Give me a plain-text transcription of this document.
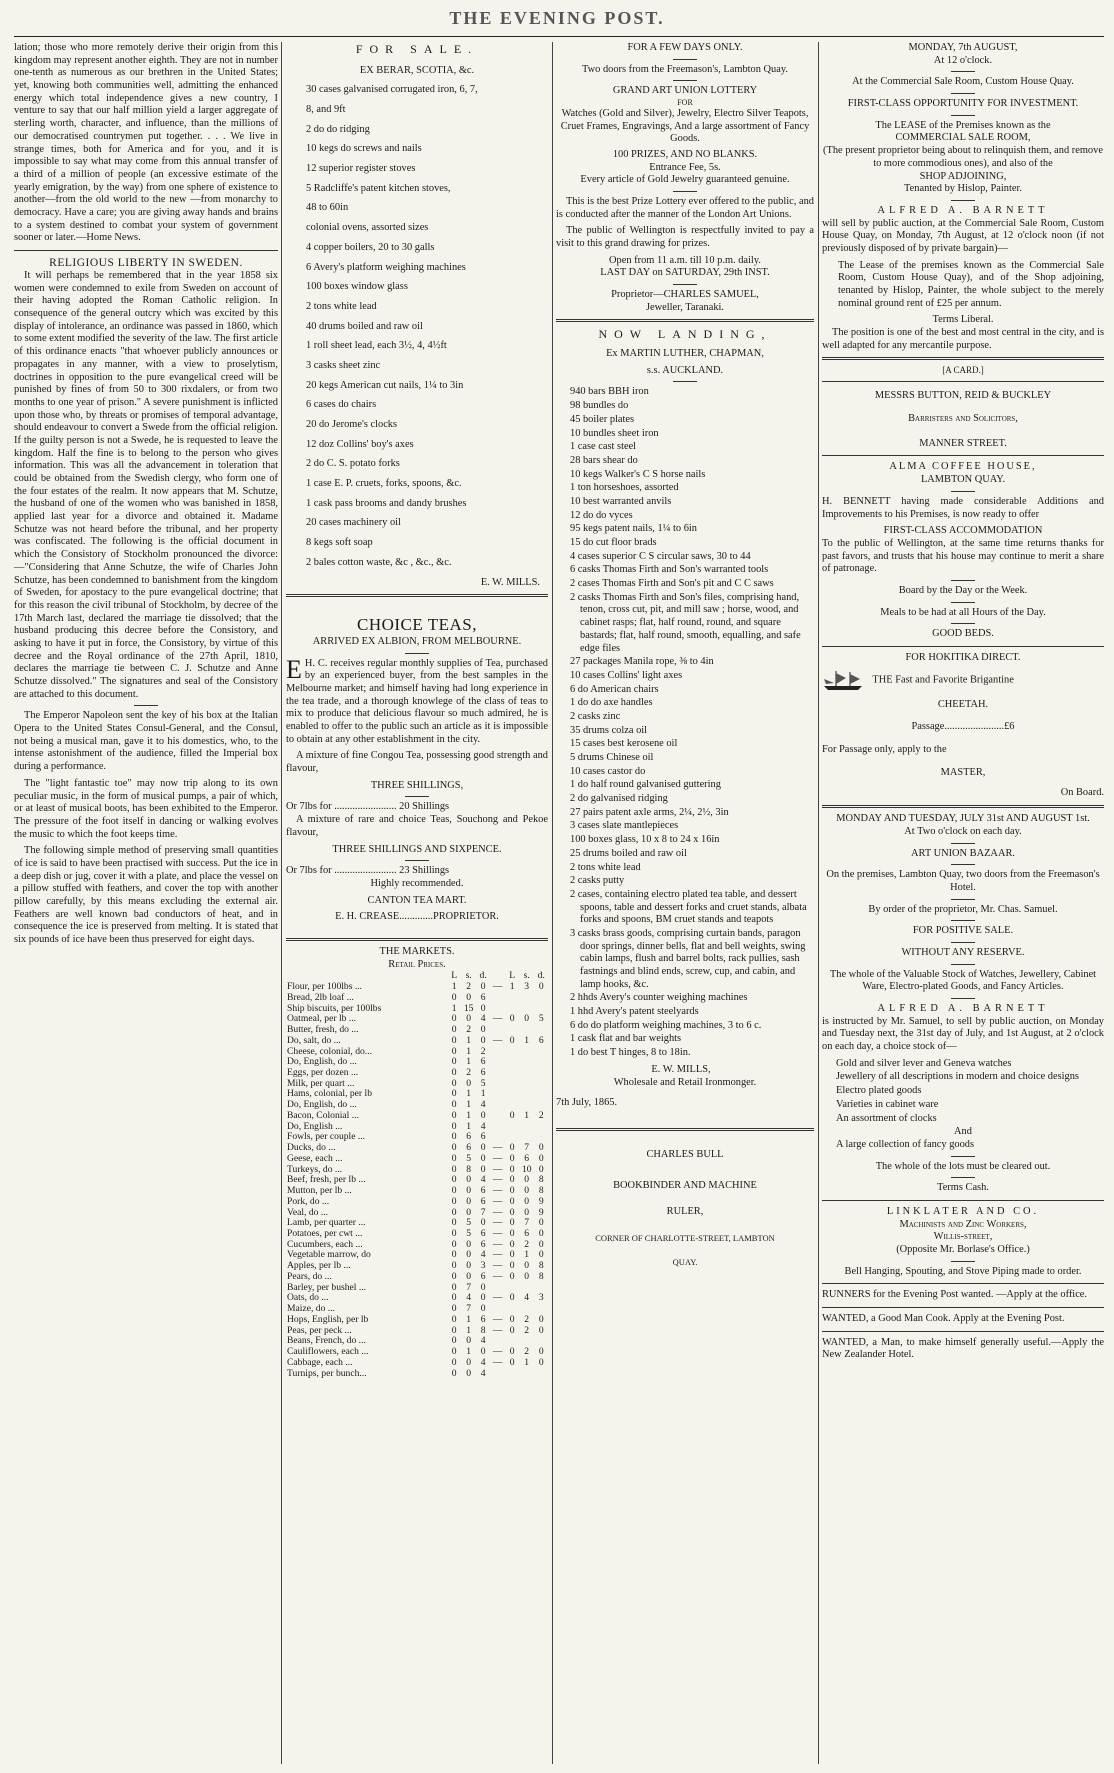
THE EVENING POST.

lation; those who more remotely derive their origin from this kingdom may represent another eighth. They are not in number one-tenth as numerous as our brethren in the United States; yet, knowing both communities well, admitting the enhanced energy which total independence gives a new country, I venture to say that our half million yield a larger aggregate of sterling worth, character, and influence, than the millions of our democratised countrymen put together. . . . We live in strange times, both for America and for you, and it is impossible to say what may come from this annual transfer of a third of a million of people (an excessive estimate of the yearly emigration, by the way) from one sphere of existence to another—from the old world to the new —from monarchy to democracy. Have a care; you are giving away hands and brains to a system destined to combat your system of government sooner or later.—Home News.

RELIGIOUS LIBERTY IN SWEDEN.

It will perhaps be remembered that in the year 1858 six women were condemned to exile from Sweden on account of their having adopted the Roman Catholic religion. In consequence of the general outcry which was excited by this display of intolerance, an ordinance was passed in 1860, which to some extent modified the severity of the law. The first article of this ordinance enacts "that whoever publicly announces or propagates in any manner, with a view to proselytism, doctrines in opposition to the pure evangelical creed will be punished by fines of from 50 to 300 rixdalers, or from two months to one year of prison." A severe punishment is inflicted upon those who, by threats or promises of temporal advantage, should endeavour to convert a Swede from the official religion. If the guilty person is not a Swede, he is requested to leave the kingdom. Half the fine is to belong to the person who gives information. This was all the advancement in toleration that could be obtained from the Swedish clergy, who form one of the four estates of the realm. It now appears that M. Schutze, the husband of one of the women who was banished in 1858, applied last year for a divorce and obtained it. Madame Schutze was not heard before the tribunal, and her property was confiscated. The following is the official document in which the Consistory of Stockholm pronounced the divorce:—"Considering that Anne Schutze, the wife of Charles John Schutze, has been condemned to banishment from the kingdom of Sweden, for apostacy to the pure evangelical doctrine; that for this reason the civil tribunal of Stockholm, by decree of the 17th March last, declared the marriage tie dissolved; that the husband producing this decree before the Consistory, and asking to have it put in force, the Consistory, by virtue of this decree and the Royal ordinance of the 27th April, 1810, declares the marriage tie between C. J. Schutze and Anne Schutze dissolved." The signatures and seal of the Consistory are attached to this document.

The Emperor Napoleon sent the key of his box at the Italian Opera to the United States Consul-General, and the Consul, not being a musical man, gave it to his domestics, who, to the intense astonishment of the audience, filled the Imperial box during a performance.

The "light fantastic toe" may now trip along to its own peculiar music, in the form of musical pumps, a pair of which, or at least of musical boots, has been exhibited to the Emperor. The pressure of the foot itself in dancing or walking evolves the music to which the foot keeps time.

The following simple method of preserving small quantities of ice is said to have been practised with success. Put the ice in a deep dish or jug, cover it with a plate, and place the vessel on a pillow stuffed with feathers, and cover the top with another pillow carefully, by this means excluding the external air. Feathers are well known bad conductors of heat, and in consequence the ice is preserved from melting. It is stated that six pounds of ice have been thus preserved for eight days.

FOR SALE.
EX BERAR, SCOTIA, &c.
30 cases galvanised corrugated iron, 6, 7,
8, and 9ft
2 do do ridging
10 kegs do screws and nails
12 superior register stoves
5 Radcliffe's patent kitchen stoves,
48 to 60in
colonial ovens, assorted sizes
4 copper boilers, 20 to 30 galls
6 Avery's platform weighing machines
100 boxes window glass
2 tons white lead
40 drums boiled and raw oil
1 roll sheet lead, each 3½, 4, 4½ft
3 casks sheet zinc
20 kegs American cut nails, 1¼ to 3in
6 cases do chairs
20 do Jerome's clocks
12 doz Collins' boy's axes
2 do C. S. potato forks
1 case E. P. cruets, forks, spoons, &c.
1 cask pass brooms and dandy brushes
20 cases machinery oil
8 kegs soft soap
2 bales cotton waste, &c , &c., &c.
E. W. MILLS.
CHOICE TEAS,
ARRIVED EX ALBION, FROM MELBOURNE.

E H. C. receives regular monthly supplies of Tea, purchased by an experienced buyer, from the best samples in the Melbourne market; and himself having had long experience in the tea trade, and a thorough knowlege of the class of teas to mix to produce that delicious flavour so much admired, he is enabled to offer to the public such an article as it is impossible to obtain at any other establishment in the city.

A mixture of fine Congou Tea, possessing good strength and flavour,

THREE SHILLINGS,
Or 7lbs for ........................ 20 Shillings

A mixture of rare and choice Teas, Souchong and Pekoe flavour,

THREE SHILLINGS AND SIXPENCE.
Or 7lbs for ........................ 23 Shillings
Highly recommended.
CANTON TEA MART.
E. H. CREASE.............PROPRIETOR.
THE MARKETS.
Retail Prices.
	L	s.	d.		L	s.	d.
Flour, per 100lbs ...	1	2	0	—	1	3	0
Bread, 2lb loaf ...	0	0	6				
Ship biscuits, per 100lbs	1	15	0				
Oatmeal, per lb ...	0	0	4	—	0	0	5
Butter, fresh, do ...	0	2	0				
Do, salt, do ...	0	1	0	—	0	1	6
Cheese, colonial, do...	0	1	2				
Do, English, do ...	0	1	6				
Eggs, per dozen ...	0	2	6				
Milk, per quart ...	0	0	5				
Hams, colonial, per lb	0	1	1				
Do, English, do ...	0	1	4				
Bacon, Colonial ...	0	1	0		0	1	2
Do, English ...	0	1	4				
Fowls, per couple ...	0	6	6				
Ducks, do ...	0	6	0	—	0	7	0
Geese, each ...	0	5	0	—	0	6	0
Turkeys, do ...	0	8	0	—	0	10	0
Beef, fresh, per lb ...	0	0	4	—	0	0	8
Mutton, per lb ...	0	0	6	—	0	0	8
Pork, do ...	0	0	6	—	0	0	9
Veal, do ...	0	0	7	—	0	0	9
Lamb, per quarter ...	0	5	0	—	0	7	0
Potatoes, per cwt ...	0	5	6	—	0	6	0
Cucumbers, each ...	0	0	6	—	0	2	0
Vegetable marrow, do	0	0	4	—	0	1	0
Apples, per lb ...	0	0	3	—	0	0	8
Pears, do ...	0	0	6	—	0	0	8
Barley, per bushel ...	0	7	0				
Oats, do ...	0	4	0	—	0	4	3
Maize, do ...	0	7	0				
Hops, English, per lb	0	1	6	—	0	2	0
Peas, per peck ...	0	1	8	—	0	2	0
Beans, French, do ...	0	0	4				
Cauliflowers, each ...	0	1	0	—	0	2	0
Cabbage, each ...	0	0	4	—	0	1	0
Turnips, per bunch...	0	0	4				
FOR A FEW DAYS ONLY.
Two doors from the Freemason's, Lambton Quay.
GRAND ART UNION LOTTERY
FOR
Watches (Gold and Silver), Jewelry, Electro Silver Teapots, Cruet Frames, Engravings, And a large assortment of Fancy Goods.
100 PRIZES, AND NO BLANKS.
Entrance Fee, 5s.
Every article of Gold Jewelry guaranteed genuine.

This is the best Prize Lottery ever offered to the public, and is conducted after the manner of the London Art Unions.

The public of Wellington is respectfully invited to pay a visit to this grand drawing for prizes.

Open from 11 a.m. till 10 p.m. daily.
LAST DAY on SATURDAY, 29th INST.
Proprietor—CHARLES SAMUEL,
Jeweller, Taranaki.
NOW LANDING,
Ex MARTIN LUTHER, CHAPMAN,
s.s. AUCKLAND.
940 bars BBH iron
98 bundles do
45 boiler plates
10 bundles sheet iron
1 case cast steel
28 bars shear do
10 kegs Walker's C S horse nails
1 ton horseshoes, assorted
10 best warranted anvils
12 do do vyces
95 kegs patent nails, 1¼ to 6in
15 do cut floor brads
4 cases superior C S circular saws, 30 to 44
6 casks Thomas Firth and Son's warranted tools
2 cases Thomas Firth and Son's pit and C C saws
2 casks Thomas Firth and Son's files, comprising hand, tenon, cross cut, pit, and mill saw ; horse, wood, and cabinet rasps; flat, half round, round, and square bastards; flat, half round, smooth, equalling, and safe edge files
27 packages Manila rope, ⅜ to 4in
10 cases Collins' light axes
6 do American chairs
1 do do axe handles
2 casks zinc
35 drums colza oil
15 cases best kerosene oil
5 drums Chinese oil
10 cases castor do
1 do half round galvanised guttering
2 do galvanised ridging
27 pairs patent axle arms, 2¼, 2½, 3in
3 cases slate mantlepieces
100 boxes glass, 10 x 8 to 24 x 16in
25 drums boiled and raw oil
2 tons white lead
2 casks putty
2 cases, containing electro plated tea table, and dessert spoons, table and dessert forks and cruet stands, albata forks and spoons, BM cruet stands and teapots
3 casks brass goods, comprising curtain bands, paragon door springs, dinner bells, flat and bell weights, swing cabin lamps, flush and barrel bolts, rack pullies, sash fastnings and blind ends, screw, cup, and cabin, and lamp hooks, &c.
2 hhds Avery's counter weighing machines
1 hhd Avery's patent steelyards
6 do do platform weighing machines, 3 to 6 c.
1 cask flat and bar weights
1 do best T hinges, 8 to 18in.
E. W. MILLS,
Wholesale and Retail Ironmonger.
7th July, 1865.
CHARLES BULL
BOOKBINDER AND MACHINE
RULER,
CORNER OF CHARLOTTE-STREET, LAMBTON
QUAY.
MONDAY, 7th AUGUST,
At 12 o'clock.
At the Commercial Sale Room, Custom House Quay.
FIRST-CLASS OPPORTUNITY FOR INVESTMENT.
The LEASE of the Premises known as the
COMMERCIAL SALE ROOM,
(The present proprietor being about to relinquish them, and remove to more commodious ones), and also of the
SHOP ADJOINING,
Tenanted by Hislop, Painter.
ALFRED A. BARNETT

will sell by public auction, at the Commercial Sale Room, Custom House Quay, on Monday, 7th August, at 12 o'clock noon (if not previously disposed of by private bargain)—

The Lease of the premises known as the Commercial Sale Room, Custom House Quay), and of the Shop adjoining, tenanted by Hislop, Painter, the whole subject to the merely nominal ground rent of £25 per annum.

Terms Liberal.

The position is one of the best and most central in the city, and is well adapted for any mercantile purpose.

[A CARD.]
MESSRS BUTTON, REID & BUCKLEY
Barristers and Solicitors,
MANNER STREET.
ALMA COFFEE HOUSE,
LAMBTON QUAY.

H. BENNETT having made considerable Additions and Improvements to his Premises, is now ready to offer

FIRST-CLASS ACCOMMODATION

To the public of Wellington, at the same time returns thanks for past favors, and trusts that his house may continue to merit a share of patronage.

Board by the Day or the Week.
Meals to be had at all Hours of the Day.
GOOD BEDS.
FOR HOKITIKA DIRECT.
THE Fast and Favorite Brigantine
CHEETAH.
Passage.......................£6
For Passage only, apply to the
MASTER,
On Board.
MONDAY AND TUESDAY, JULY 31st AND AUGUST 1st.
At Two o'clock on each day.
ART UNION BAZAAR.
On the premises, Lambton Quay, two doors from the Freemason's Hotel.
By order of the proprietor, Mr. Chas. Samuel.
FOR POSITIVE SALE.
WITHOUT ANY RESERVE.
The whole of the Valuable Stock of Watches, Jewellery, Cabinet Ware, Electro-plated Goods, and Fancy Articles.
ALFRED A. BARNETT

is instructed by Mr. Samuel, to sell by public auction, on Monday and Tuesday next, the 31st day of July, and 1st August, at 2 o'clock on each day, a choice stock of—

Gold and silver lever and Geneva watches
Jewellery of all descriptions in modern and choice designs
Electro plated goods
Varieties in cabinet ware
An assortment of clocks
And
A large collection of fancy goods
The whole of the lots must be cleared out.
Terms Cash.
LINKLATER AND CO.
Machinists and Zinc Workers,
Willis-street,
(Opposite Mr. Borlase's Office.)
Bell Hanging, Spouting, and Stove Piping made to order.

RUNNERS for the Evening Post wanted. —Apply at the office.

WANTED, a Good Man Cook. Apply at the Evening Post.

WANTED, a Man, to make himself generally useful.—Apply the New Zealander Hotel.
